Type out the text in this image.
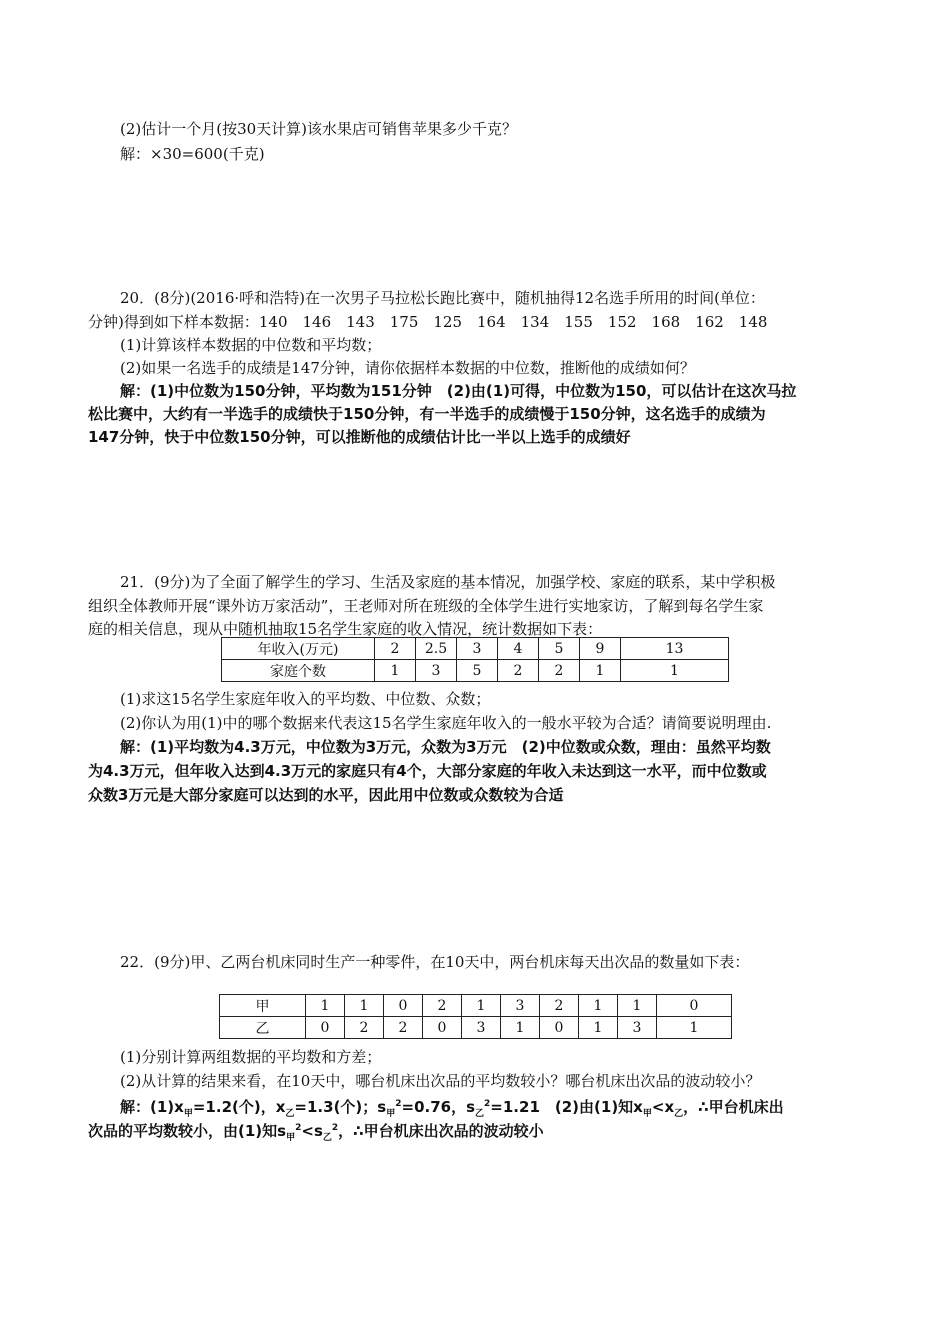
(2)估计一个月(按30天计算)该水果店可销售苹果多少千克？
解：×30=600(千克)
20．(8分)(2016·呼和浩特)在一次男子马拉松长跑比赛中，随机抽得12名选手所用的时间(单位：
分钟)得到如下样本数据：140　146　143　175　125　164　134　155　152　168　162　148
(1)计算该样本数据的中位数和平均数；
(2)如果一名选手的成绩是147分钟，请你依据样本数据的中位数，推断他的成绩如何？
解：(1)中位数为150分钟，平均数为151分钟　(2)由(1)可得，中位数为150，可以估计在这次马拉
松比赛中，大约有一半选手的成绩快于150分钟，有一半选手的成绩慢于150分钟，这名选手的成绩为
147分钟，快于中位数150分钟，可以推断他的成绩估计比一半以上选手的成绩好
21．(9分)为了全面了解学生的学习、生活及家庭的基本情况，加强学校、家庭的联系，某中学积极
组织全体教师开展“课外访万家活动”，王老师对所在班级的全体学生进行实地家访，了解到每名学生家
庭的相关信息，现从中随机抽取15名学生家庭的收入情况，统计数据如下表：
年收入(万元)	2	2.5	3	4	5	9	13
家庭个数	1	3	5	2	2	1	1
(1)求这15名学生家庭年收入的平均数、中位数、众数；
(2)你认为用(1)中的哪个数据来代表这15名学生家庭年收入的一般水平较为合适？请简要说明理由.
解：(1)平均数为4.3万元，中位数为3万元，众数为3万元　(2)中位数或众数，理由：虽然平均数
为4.3万元，但年收入达到4.3万元的家庭只有4个，大部分家庭的年收入未达到这一水平，而中位数或
众数3万元是大部分家庭可以达到的水平，因此用中位数或众数较为合适
22．(9分)甲、乙两台机床同时生产一种零件，在10天中，两台机床每天出次品的数量如下表：
甲	1	1	0	2	1	3	2	1	1	0
乙	0	2	2	0	3	1	0	1	3	1
(1)分别计算两组数据的平均数和方差；
(2)从计算的结果来看，在10天中，哪台机床出次品的平均数较小？哪台机床出次品的波动较小？
解：$(1)x_甲=1.2$(个)，$x_乙=1.3$(个)；$s_甲^2=0.76$，$s_乙^2=1.21$　(2)由(1)知$x_甲<x_乙$，∴甲台机床出
次品的平均数较小，由(1)知$s_甲^2<s_乙^2$，∴甲台机床出次品的波动较小
